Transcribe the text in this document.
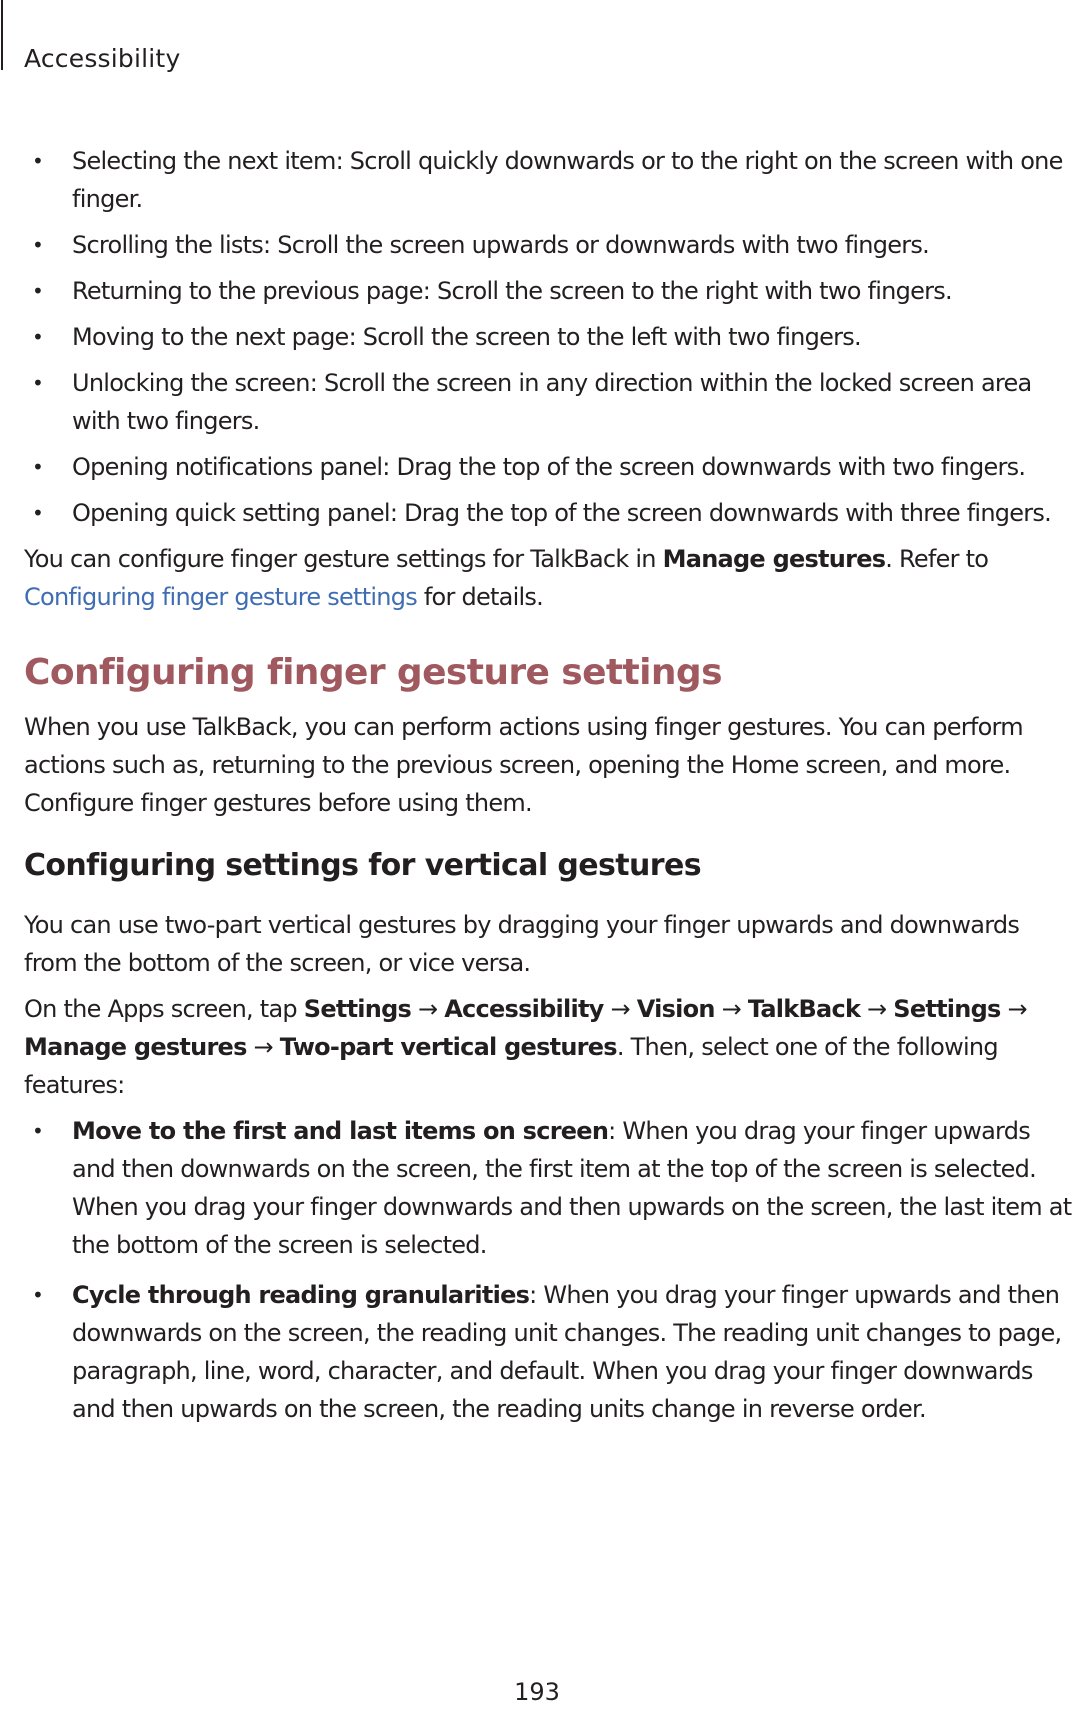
Accessibility
• Selecting the next item: Scroll quickly downwards or to the right on the screen with one finger.
• Scrolling the lists: Scroll the screen upwards or downwards with two fingers.
• Returning to the previous page: Scroll the screen to the right with two fingers.
• Moving to the next page: Scroll the screen to the left with two fingers.
• Unlocking the screen: Scroll the screen in any direction within the locked screen area with two fingers.
• Opening notifications panel: Drag the top of the screen downwards with two fingers.
• Opening quick setting panel: Drag the top of the screen downwards with three fingers.

You can configure finger gesture settings for TalkBack in Manage gestures. Refer to
Configuring finger gesture settings for details.

Configuring finger gesture settings

When you use TalkBack, you can perform actions using finger gestures. You can perform actions such as, returning to the previous screen, opening the Home screen, and more. Configure finger gestures before using them.

Configuring settings for vertical gestures

You can use two-part vertical gestures by dragging your finger upwards and downwards from the bottom of the screen, or vice versa.

On the Apps screen, tap Settings → Accessibility → Vision → TalkBack → Settings →
Manage gestures → Two-part vertical gestures. Then, select one of the following features:

• Move to the first and last items on screen: When you drag your finger upwards and then downwards on the screen, the first item at the top of the screen is selected. When you drag your finger downwards and then upwards on the screen, the last item at the bottom of the screen is selected.
• Cycle through reading granularities: When you drag your finger upwards and then downwards on the screen, the reading unit changes. The reading unit changes to page, paragraph, line, word, character, and default. When you drag your finger downwards and then upwards on the screen, the reading units change in reverse order.
193
